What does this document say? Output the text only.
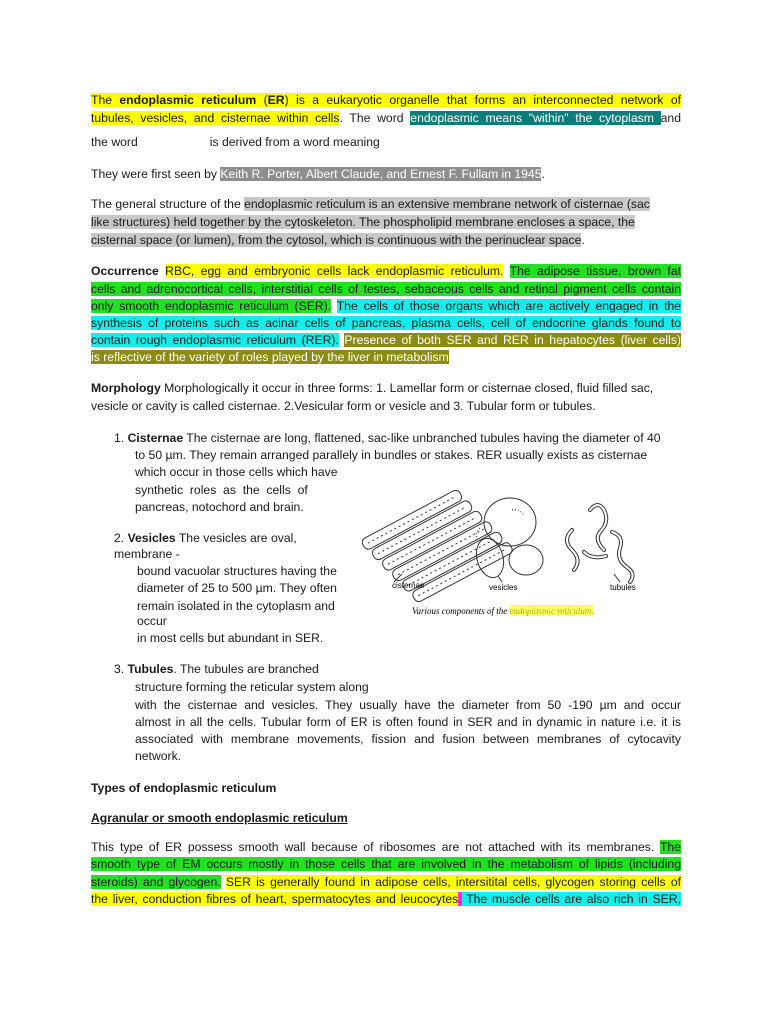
The endoplasmic reticulum (ER) is a eukaryotic organelle that forms an interconnected network of
tubules, vesicles, and cisternae within cells. The word endoplasmic means "within" the cytoplasm and
the word	is derived from a word meaning
They were first seen by Keith R. Porter, Albert Claude, and Ernest F. Fullam in 1945.
The general structure of the endoplasmic reticulum is an extensive membrane network of cisternae (sac
like structures) held together by the cytoskeleton. The phospholipid membrane encloses a space, the
cisternal space (or lumen), from the cytosol, which is continuous with the perinuclear space.
Occurrence RBC, egg and embryonic cells lack endoplasmic reticulum. The adipose tissue, brown fat
cells and adrenocortical cells, interstitial cells of testes, sebaceous cells and retinal pigment cells contain
only smooth endoplasmic reticulum (SER). The cells of those organs which are actively engaged in the
synthesis of proteins such as acinar cells of pancreas, plasma cells, cell of endocrine glands found to
contain rough endoplasmic reticulum (RER). Presence of both SER and RER in hepatocytes (liver cells)
is reflective of the variety of roles played by the liver in metabolism
Morphology Morphologically it occur in three forms: 1. Lamellar form or cisternae closed, fluid filled sac,
vesicle or cavity is called cisternae. 2.Vesicular form or vesicle and 3. Tubular form or tubules.
1. Cisternae The cisternae are long, flattened, sac-like unbranched tubules having the diameter of 40
to 50 µm. They remain arranged parallely in bundles or stakes. RER usually exists as cisternae
which occur in those cells which have
synthetic  roles  as  the  cells  of
pancreas, notochord and brain.
2. Vesicles The vesicles are oval,
membrane -
bound vacuolar structures having the
diameter of 25 to 500 µm. They often
remain isolated in the cytoplasm and
occur
in most cells but abundant in SER.
cisternae	vesicles	tubules
Various components of the
3. Tubules. The tubules are branched
structure forming the reticular system along
with the cisternae and vesicles. They usually have the diameter from 50 -190 µm and occur
almost in all the cells. Tubular form of ER is often found in SER and in dynamic in nature i.e. it is
associated with membrane movements, fission and fusion between membranes of cytocavity
network.
Types of endoplasmic reticulum
Agranular or smooth endoplasmic reticulum
This type of ER possess smooth wall because of ribosomes are not attached with its membranes. The
smooth type of EM occurs mostly in those cells that are involved in the metabolism of lipids (including
steroids) and glycogen. SER is generally found in adipose cells, intersitital cells, glycogen storing cells of
the liver, conduction fibres of heart, spermatocytes and leucocytes. The muscle cells are also rich in SER,
